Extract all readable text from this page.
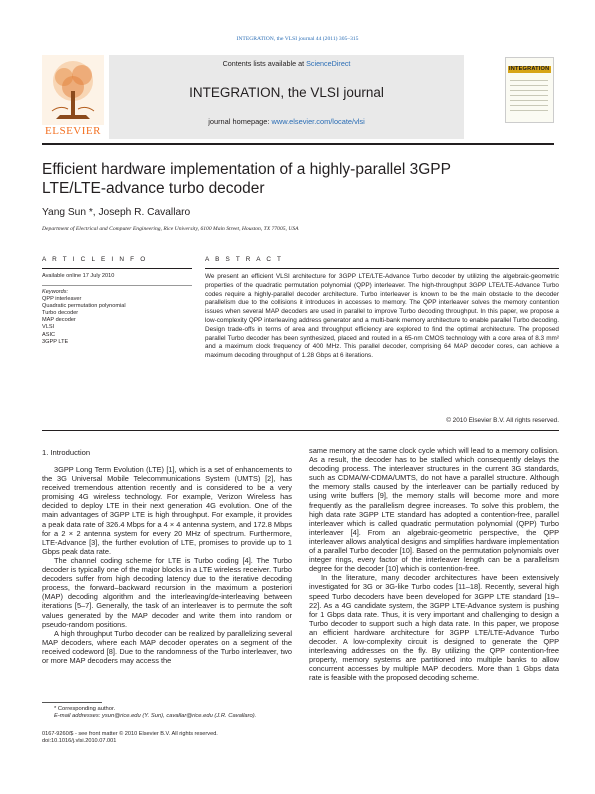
INTEGRATION, the VLSI journal 44 (2011) 305–315
ELSEVIER
Contents lists available at ScienceDirect
INTEGRATION, the VLSI journal
journal homepage: www.elsevier.com/locate/vlsi
INTEGRATION
Efficient hardware implementation of a highly-parallel 3GPP
LTE/LTE-advance turbo decoder
Yang Sun *, Joseph R. Cavallaro
Department of Electrical and Computer Engineering, Rice University, 6100 Main Street, Houston, TX 77005, USA
A R T I C L E I N F O	A B S T R A C T
Available online 17 July 2010
Keywords:
QPP interleaver
Quadratic permutation polynomial
Turbo decoder
MAP decoder
VLSI
ASIC
3GPP LTE
We present an efficient VLSI architecture for 3GPP LTE/LTE-Advance Turbo decoder by utilizing the algebraic-geometric properties of the quadratic permutation polynomial (QPP) interleaver. The high-throughput 3GPP LTE/LTE-Advance Turbo codes require a highly-parallel decoder architecture. Turbo interleaver is known to be the main obstacle to the decoder parallelism due to the collisions it introduces in accesses to memory. The QPP interleaver solves the memory contention issues when several MAP decoders are used in parallel to improve Turbo decoding throughput. In this paper, we propose a low-complexity QPP interleaving address generator and a multi-bank memory architecture to enable parallel Turbo decoding. Design trade-offs in terms of area and throughput efficiency are explored to find the optimal architecture. The proposed parallel Turbo decoder has been synthesized, placed and routed in a 65-nm CMOS technology with a core area of 8.3 mm² and a maximum clock frequency of 400 MHz. This parallel decoder, comprising 64 MAP decoder cores, can achieve a maximum decoding throughput of 1.28 Gbps at 6 iterations.
© 2010 Elsevier B.V. All rights reserved.
1. Introduction

3GPP Long Term Evolution (LTE) [1], which is a set of enhancements to the 3G Universal Mobile Telecommunications System (UMTS) [2], has received tremendous attention recently and is considered to be a very promising 4G wireless technology. For example, Verizon Wireless has decided to deploy LTE in their next generation 4G evolution. One of the main advantages of 3GPP LTE is high throughput. For example, it provides a peak data rate of 326.4 Mbps for a 4 × 4 antenna system, and 172.8 Mbps for a 2 × 2 antenna system for every 20 MHz of spectrum. Furthermore, LTE-Advance [3], the further evolution of LTE, promises to provide up to 1 Gbps peak data rate.

The channel coding scheme for LTE is Turbo coding [4]. The Turbo decoder is typically one of the major blocks in a LTE wireless receiver. Turbo decoders suffer from high decoding latency due to the iterative decoding process, the forward–backward recursion in the maximum a posteriori (MAP) decoding algorithm and the interleaving/de-interleaving between iterations [5–7]. Generally, the task of an interleaver is to permute the soft values generated by the MAP decoder and write them into random or pseudo-random positions.

A high throughput Turbo decoder can be realized by parallelizing several MAP decoders, where each MAP decoder operates on a segment of the received codeword [8]. Due to the randomness of the Turbo interleaver, two or more MAP decoders may access the

same memory at the same clock cycle which will lead to a memory collision. As a result, the decoder has to be stalled which consequently delays the decoding process. The interleaver structures in the current 3G standards, such as CDMA/W-CDMA/UMTS, do not have a parallel structure. Although the memory stalls caused by the interleaver can be partially reduced by using write buffers [9], the memory stalls will become more and more frequently as the parallelism degree increases. To solve this problem, the high data rate 3GPP LTE standard has adopted a contention-free, parallel interleaver which is called quadratic permutation polynomial (QPP) Turbo interleaver [4]. From an algebraic-geometric perspective, the QPP interleaver allows analytical designs and simplifies hardware implementation of a parallel Turbo decoder [10]. Based on the permutation polynomials over integer rings, every factor of the interleaver length can be a parallelism degree for the decoder [10] which is contention-free.

In the literature, many decoder architectures have been extensively investigated for 3G or 3G-like Turbo codes [11–18]. Recently, several high speed Turbo decoders have been developed for 3GPP LTE standard [19–22]. As a 4G candidate system, the 3GPP LTE-Advance system is pushing for 1 Gbps data rate. Thus, it is very important and challenging to design a Turbo decoder to support such a high data rate. In this paper, we propose an efficient hardware architecture for 3GPP LTE/LTE-Advance Turbo decoder. A low-complexity circuit is designed to generate the QPP interleaving addresses on the fly. By utilizing the QPP contention-free property, memory systems are partitioned into multiple banks to allow concurrent accesses by multiple MAP decoders. More than 1 Gbps data rate is feasible with the proposed decoding scheme.

* Corresponding author.
E-mail addresses: ysun@rice.edu (Y. Sun), cavallar@rice.edu (J.R. Cavallaro).
0167-9260/$ - see front matter © 2010 Elsevier B.V. All rights reserved.
doi:10.1016/j.vlsi.2010.07.001
